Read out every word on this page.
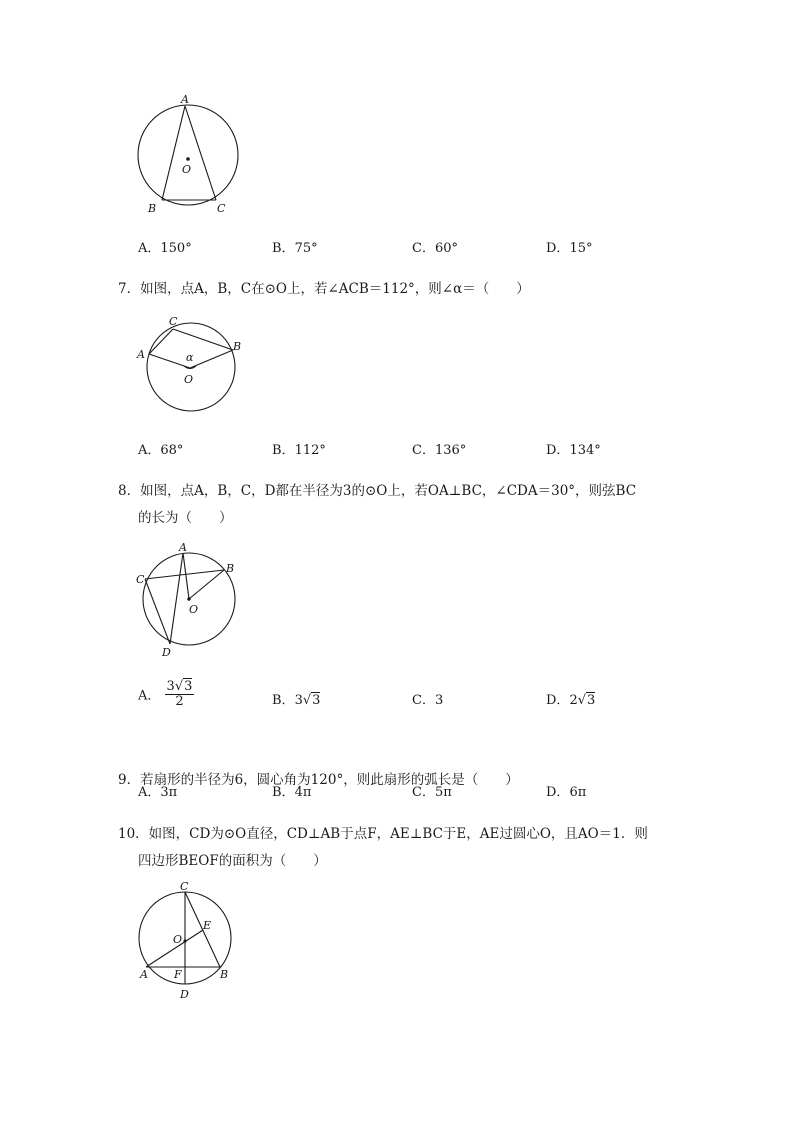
A
O
B	C
A．150°	B．75°	C．60°	D．15°
7．如图，点A，B，C在⊙O上，若∠ACB＝112°，则∠α＝（　　）
C
A
B
α
O
A．68°	B．112°	C．136°	D．134°
8．如图，点A，B，C，D都在半径为3的⊙O上，若OA⊥BC，∠CDA＝30°，则弦BC
的长为（　　）
A
B
C
O
D
A． $\frac{3√3}{2}$	B．3√3	C．3	D．2√3
9．若扇形的半径为6，圆心角为120°，则此扇形的弧长是（　　）
A．3π	B．4π	C．5π	D．6π
10．如图，CD为⊙O直径，CD⊥AB于点F，AE⊥BC于E，AE过圆心O，且AO＝1．则
四边形BEOF的面积为（　　）
C
E
O
A F	B
D
